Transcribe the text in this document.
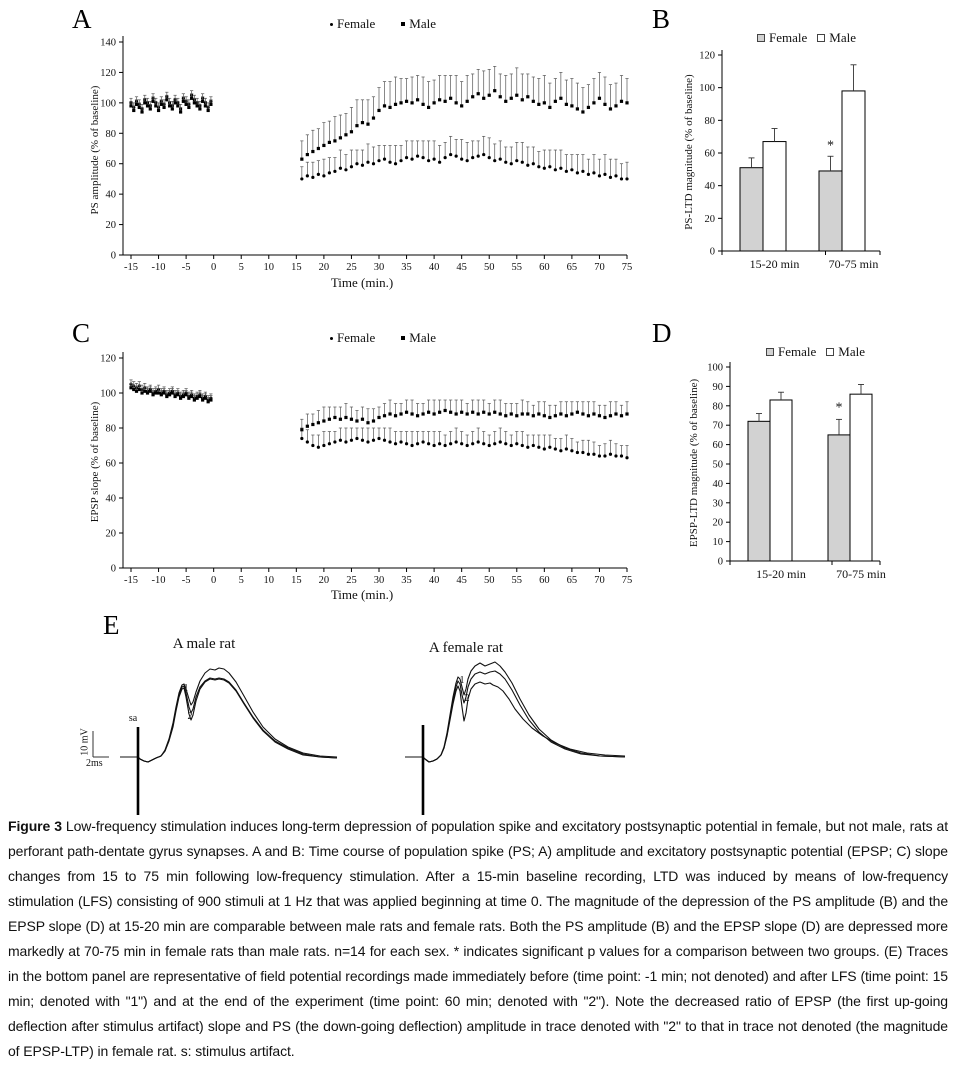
A	B
C	D
E
Female	Male
Female	Male
Female Male
Female Male
PS amplitude (% of baseline)	PS-LTD magnitude (% of baseline)
EPSP slope (% of baseline)	EPSP-LTD magnitude (% of baseline)
Time (min.)
Time (min.)
A male rat	A female rat
10 mV
2ms
0
20
40
60
80
100
120
140
-15 -10 -5 0 5 10 15 20 25 30 35 40 45 50 55 60 65 70 75
0
20
40
60
80
100
120
15-20 min 70-75 min
*
0
20
40
60
80
100
120
-15 -10 -5 0 5 10 15 20 25 30 35 40 45 50 55 60 65 70 75
0
10
20
30
40
50
60
70
80
90
100
15-20 min	70-75 min
*
sa
1
2
1
2

Figure 3 Low-frequency stimulation induces long-term depression of population spike and excitatory postsynaptic potential in female, but not male, rats at perforant path-dentate gyrus synapses. A and B: Time course of population spike (PS; A) amplitude and excitatory postsynaptic potential (EPSP; C) slope changes from 15 to 75 min following low-frequency stimulation. After a 15-min baseline recording, LTD was induced by means of low-frequency stimulation (LFS) consisting of 900 stimuli at 1 Hz that was applied beginning at time 0. The magnitude of the depression of the PS amplitude (B) and the EPSP slope (D) at 15-20 min are comparable between male rats and female rats. Both the PS amplitude (B) and the EPSP slope (D) are depressed more markedly at 70-75 min in female rats than male rats. n=14 for each sex. * indicates significant p values for a comparison between two groups. (E) Traces in the bottom panel are representative of field potential recordings made immediately before (time point: -1 min; not denoted) and after LFS (time point: 15 min; denoted with "1") and at the end of the experiment (time point: 60 min; denoted with "2"). Note the decreased ratio of EPSP (the first up-going deflection after stimulus artifact) slope and PS (the down-going deflection) amplitude in trace denoted with "2" to that in trace not denoted (the magnitude of EPSP-LTP) in female rat. s: stimulus artifact.
